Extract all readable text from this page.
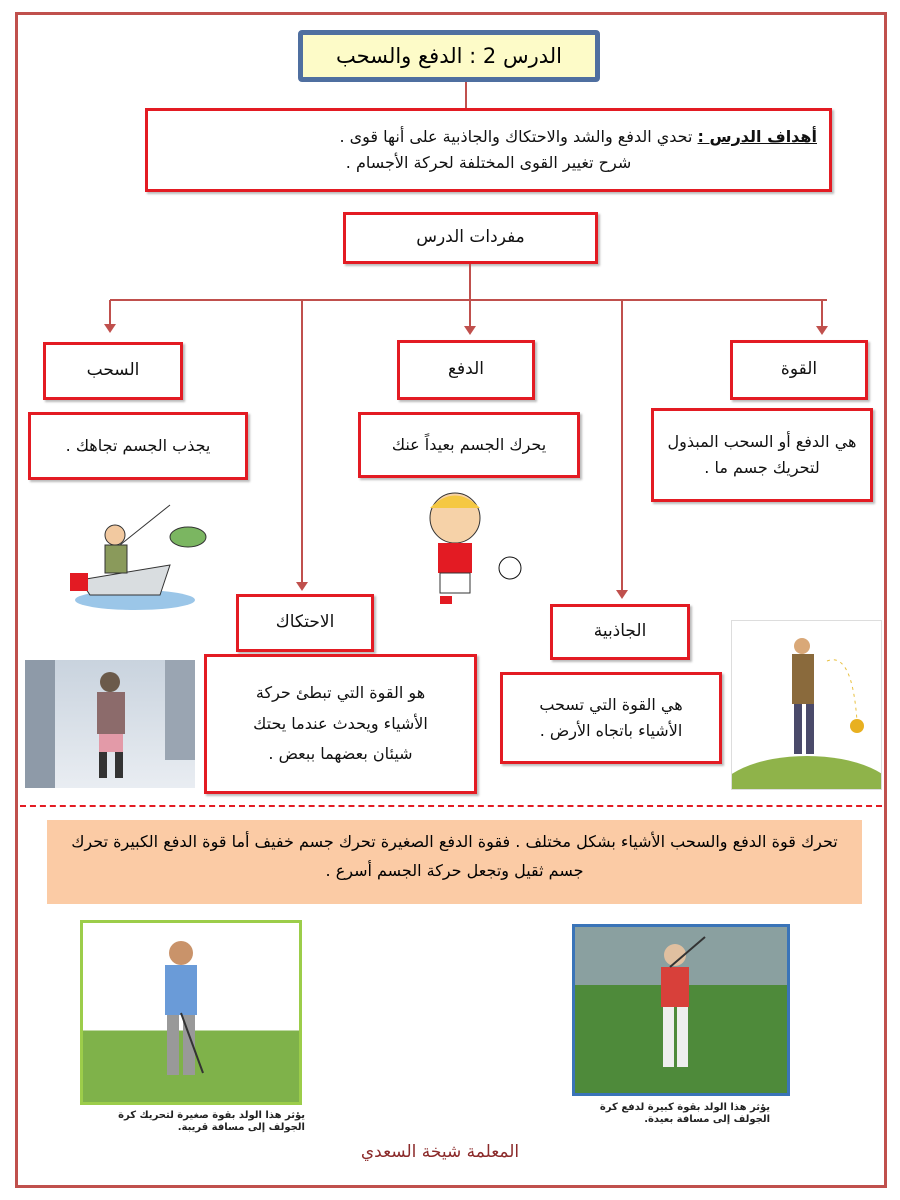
الدرس 2 : الدفع والسحب
أهداف الدرس : تحدي الدفع والشد والاحتكاك والجاذبية على أنها قوى .
شرح تغيير القوى المختلفة لحركة الأجسام .
مفردات الدرس
القوة
هي الدفع أو السحب المبذول لتحريك جسم ما .
الدفع
يحرك الجسم بعيداً عنك
السحب
يجذب الجسم تجاهك .
الجاذبية
هي القوة التي تسحب الأشياء باتجاه الأرض .
الاحتكاك
هو القوة التي تبطئ حركة الأشياء ويحدث عندما يحتك شيئان بعضهما ببعض .
تحرك قوة الدفع والسحب الأشياء بشكل مختلف . فقوة الدفع الصغيرة تحرك جسم خفيف أما قوة الدفع الكبيرة تحرك جسم ثقيل وتجعل حركة الجسم أسرع .
يؤثر هذا الولد بقوة صغيرة لتحريك كرة الجولف إلى مسافة قريبة.
يؤثر هذا الولد بقوة كبيرة لدفع كرة الجولف إلى مسافة بعيدة.
المعلمة شيخة السعدي
